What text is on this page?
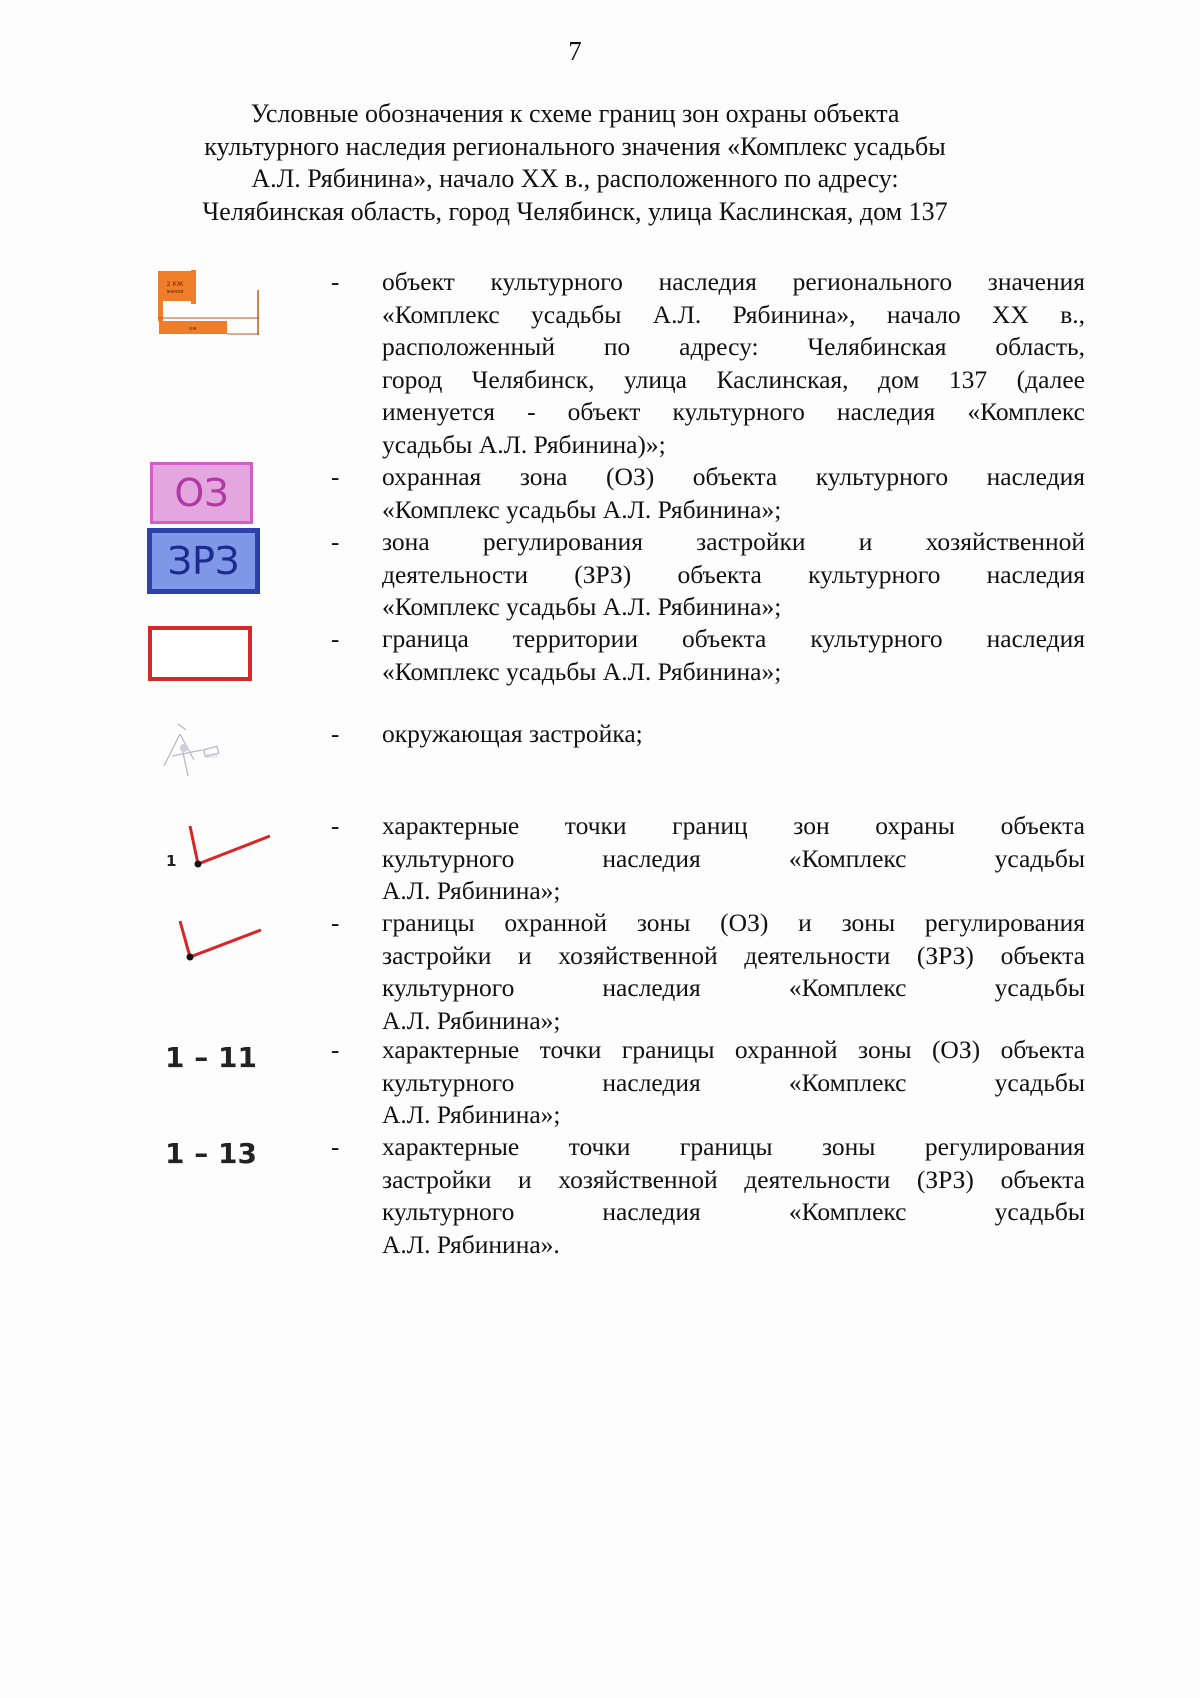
7
Условные обозначения к схеме границ зон охраны объекта
культурного наследия регионального значения «Комплекс усадьбы
А.Л. Рябинина», начало XX в., расположенного по адресу:
Челябинская область, город Челябинск, улица Каслинская, дом 137
2 КЖ
жилое
кж
ОЗ
ЗРЗ
000
1
1 – 11
1 – 13
-
-
-
-
-
-
-
-
-
объект культурного наследия регионального значения
«Комплекс усадьбы А.Л. Рябинина», начало XX в.,
расположенный по адресу: Челябинская область,
город Челябинск, улица Каслинская, дом 137 (далее
именуется - объект культурного наследия «Комплекс
усадьбы А.Л. Рябинина)»;
охранная зона (ОЗ) объекта культурного наследия
«Комплекс усадьбы А.Л. Рябинина»;
зона регулирования застройки и хозяйственной
деятельности (ЗРЗ) объекта культурного наследия
«Комплекс усадьбы А.Л. Рябинина»;
граница территории объекта культурного наследия
«Комплекс усадьбы А.Л. Рябинина»;
окружающая застройка;
характерные точки границ зон охраны объекта
культурного наследия «Комплекс усадьбы
А.Л. Рябинина»;
границы охранной зоны (ОЗ) и зоны регулирования
застройки и хозяйственной деятельности (ЗРЗ) объекта
культурного наследия «Комплекс усадьбы
А.Л. Рябинина»;
характерные точки границы охранной зоны (ОЗ) объекта
культурного наследия «Комплекс усадьбы
А.Л. Рябинина»;
характерные точки границы зоны регулирования
застройки и хозяйственной деятельности (ЗРЗ) объекта
культурного наследия «Комплекс усадьбы
А.Л. Рябинина».
